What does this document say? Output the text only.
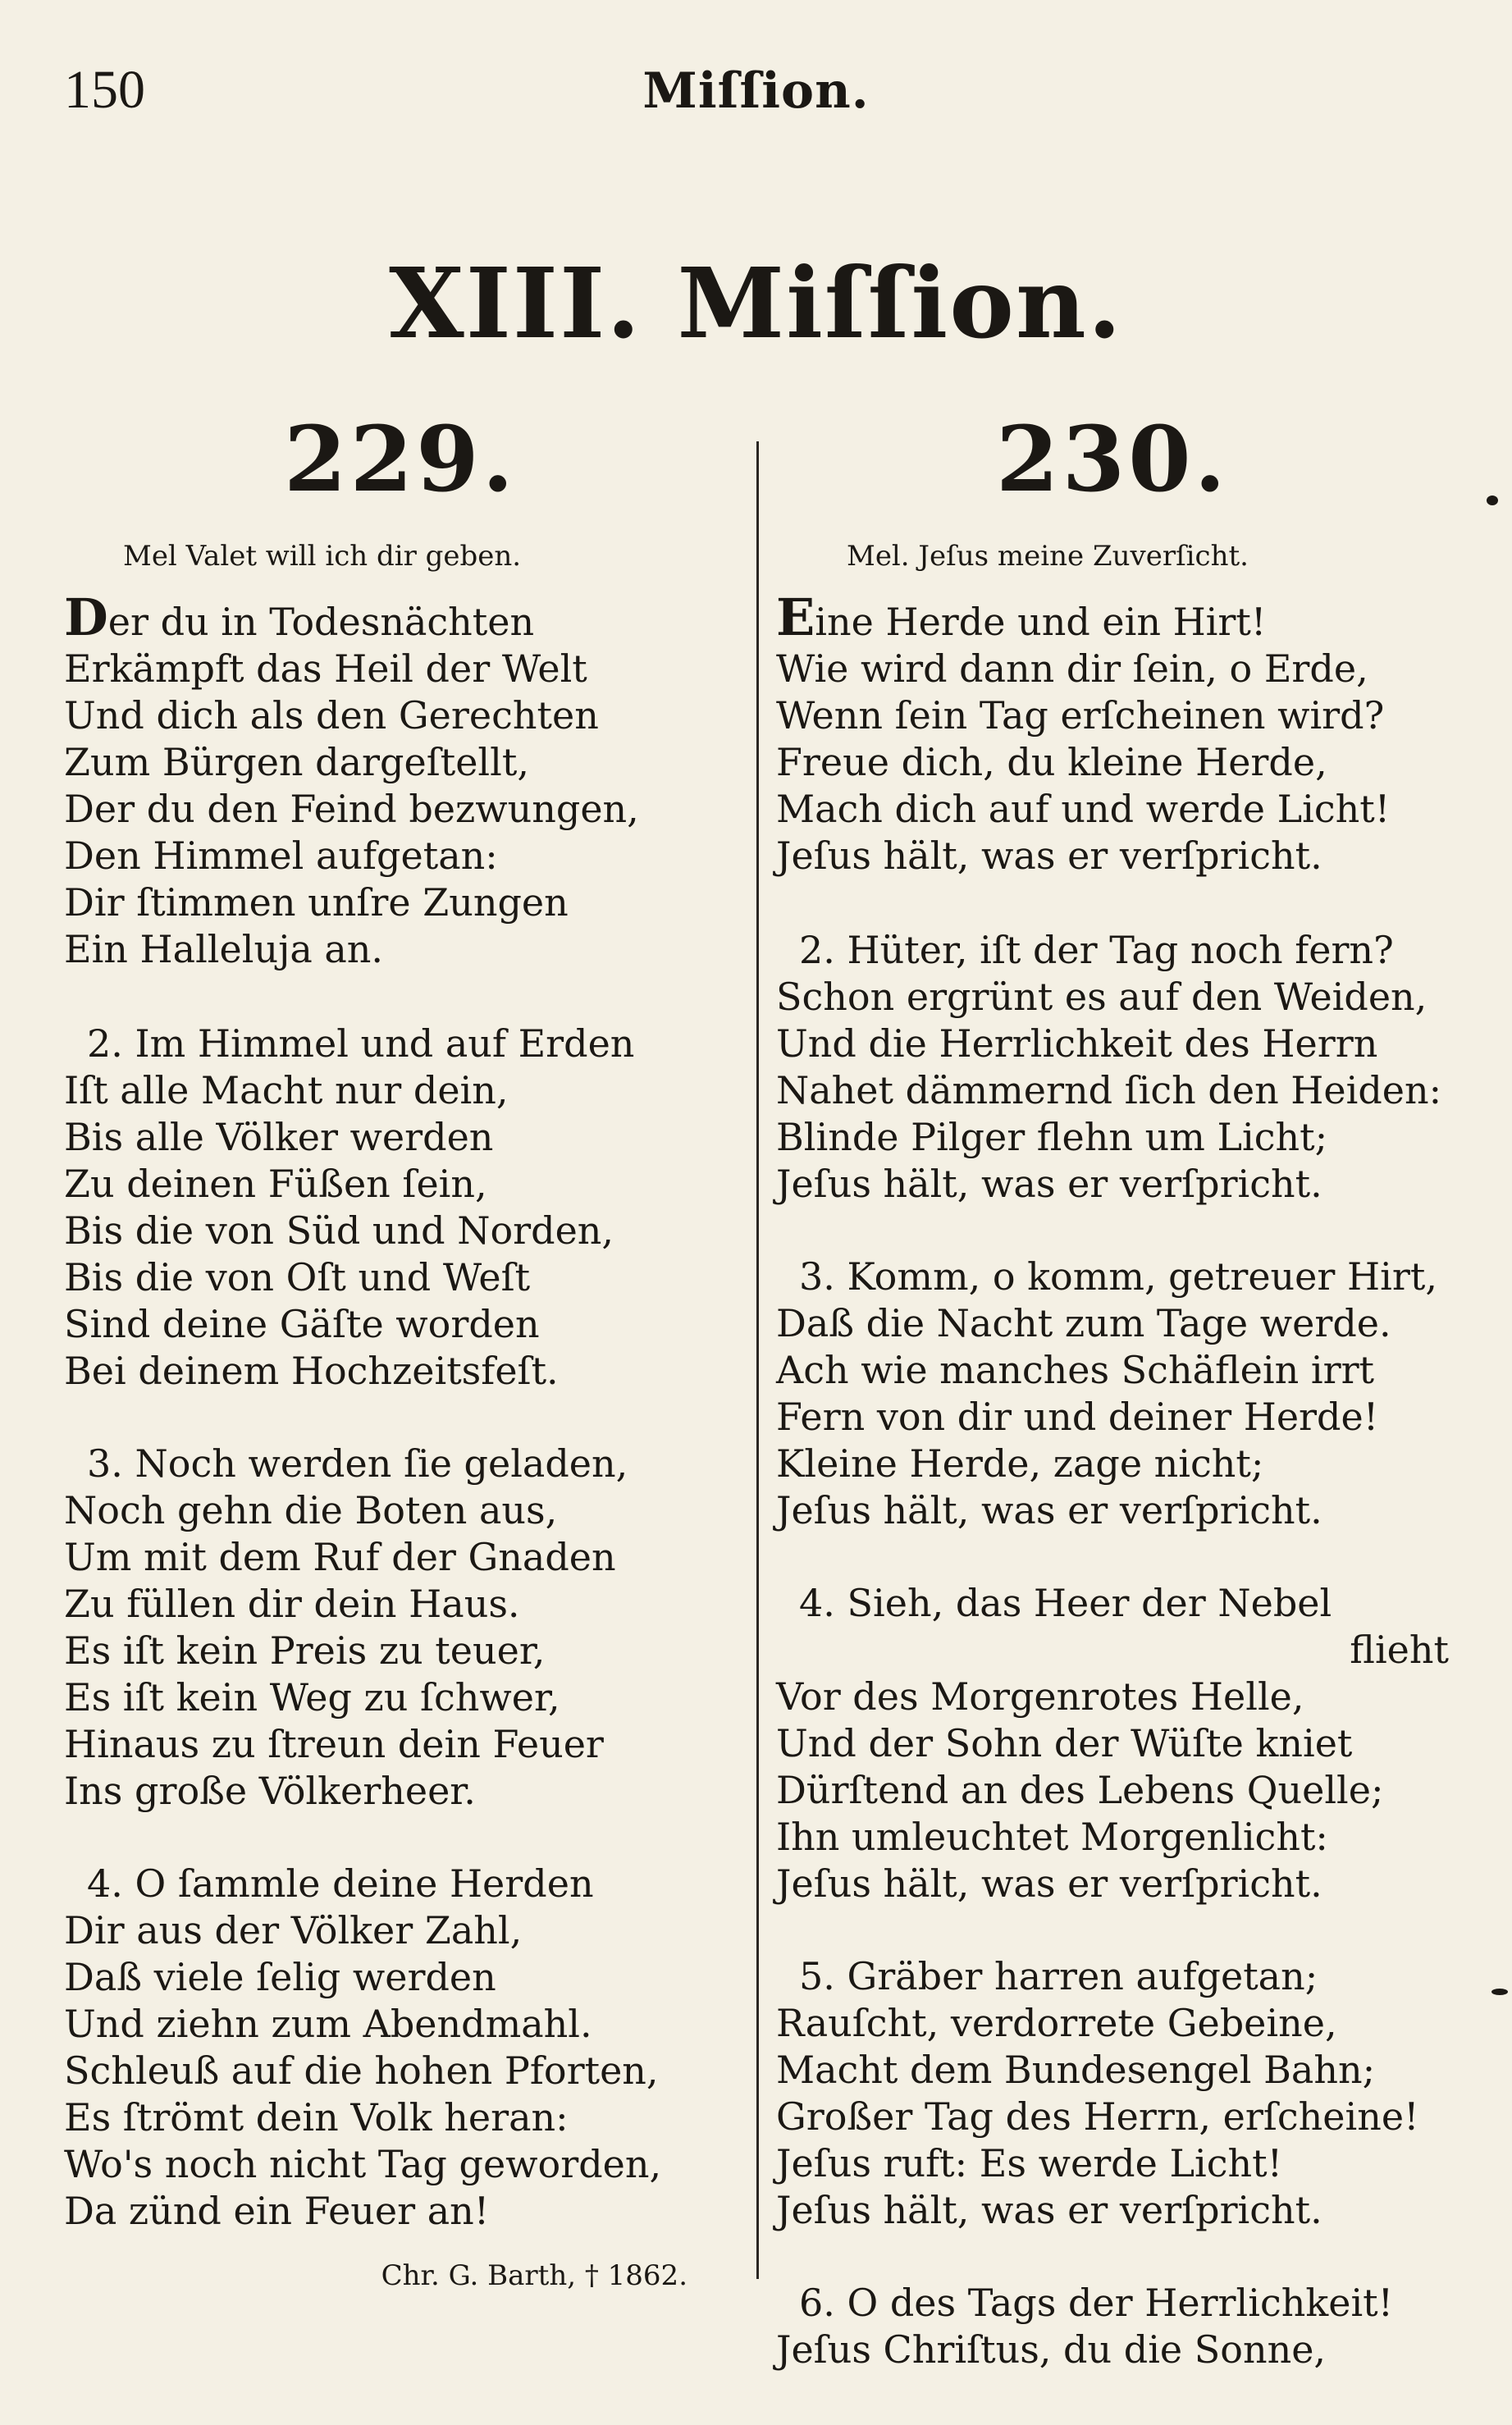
150	Miſſion.
XIII. Miſſion.
229.
Mel Valet will ich dir geben.
Der du in Todesnächten
Erkämpft das Heil der Welt
Und dich als den Gerechten
Zum Bürgen dargeſtellt,
Der du den Feind bezwungen,
Den Himmel aufgetan:
Dir ſtimmen unſre Zungen
Ein Halleluja an.
2. Im Himmel und auf Erden
Iſt alle Macht nur dein,
Bis alle Völker werden
Zu deinen Füßen ſein,
Bis die von Süd und Norden,
Bis die von Oſt und Weſt
Sind deine Gäſte worden
Bei deinem Hochzeitsfeſt.
3. Noch werden ſie geladen,
Noch gehn die Boten aus,
Um mit dem Ruf der Gnaden
Zu füllen dir dein Haus.
Es iſt kein Preis zu teuer,
Es iſt kein Weg zu ſchwer,
Hinaus zu ſtreun dein Feuer
Ins große Völkerheer.
4. O ſammle deine Herden
Dir aus der Völker Zahl,
Daß viele ſelig werden
Und ziehn zum Abendmahl.
Schleuß auf die hohen Pforten,
Es ſtrömt dein Volk heran:
Wo's noch nicht Tag geworden,
Da zünd ein Feuer an!
Chr. G. Barth, † 1862.
230.
Mel. Jeſus meine Zuverſicht.
Eine Herde und ein Hirt!
Wie wird dann dir ſein, o Erde,
Wenn ſein Tag erſcheinen wird?
Freue dich, du kleine Herde,
Mach dich auf und werde Licht!
Jeſus hält, was er verſpricht.
2. Hüter, iſt der Tag noch fern?
Schon ergrünt es auf den Weiden,
Und die Herrlichkeit des Herrn
Nahet dämmernd ſich den Heiden:
Blinde Pilger flehn um Licht;
Jeſus hält, was er verſpricht.
3. Komm, o komm, getreuer Hirt,
Daß die Nacht zum Tage werde.
Ach wie manches Schäflein irrt
Fern von dir und deiner Herde!
Kleine Herde, zage nicht;
Jeſus hält, was er verſpricht.
4. Sieh, das Heer der Nebel
flieht
Vor des Morgenrotes Helle,
Und der Sohn der Wüſte kniet
Dürſtend an des Lebens Quelle;
Ihn umleuchtet Morgenlicht:
Jeſus hält, was er verſpricht.
5. Gräber harren aufgetan;
Rauſcht, verdorrete Gebeine,
Macht dem Bundesengel Bahn;
Großer Tag des Herrn, erſcheine!
Jeſus ruft: Es werde Licht!
Jeſus hält, was er verſpricht.
6. O des Tags der Herrlichkeit!
Jeſus Chriſtus, du die Sonne,
